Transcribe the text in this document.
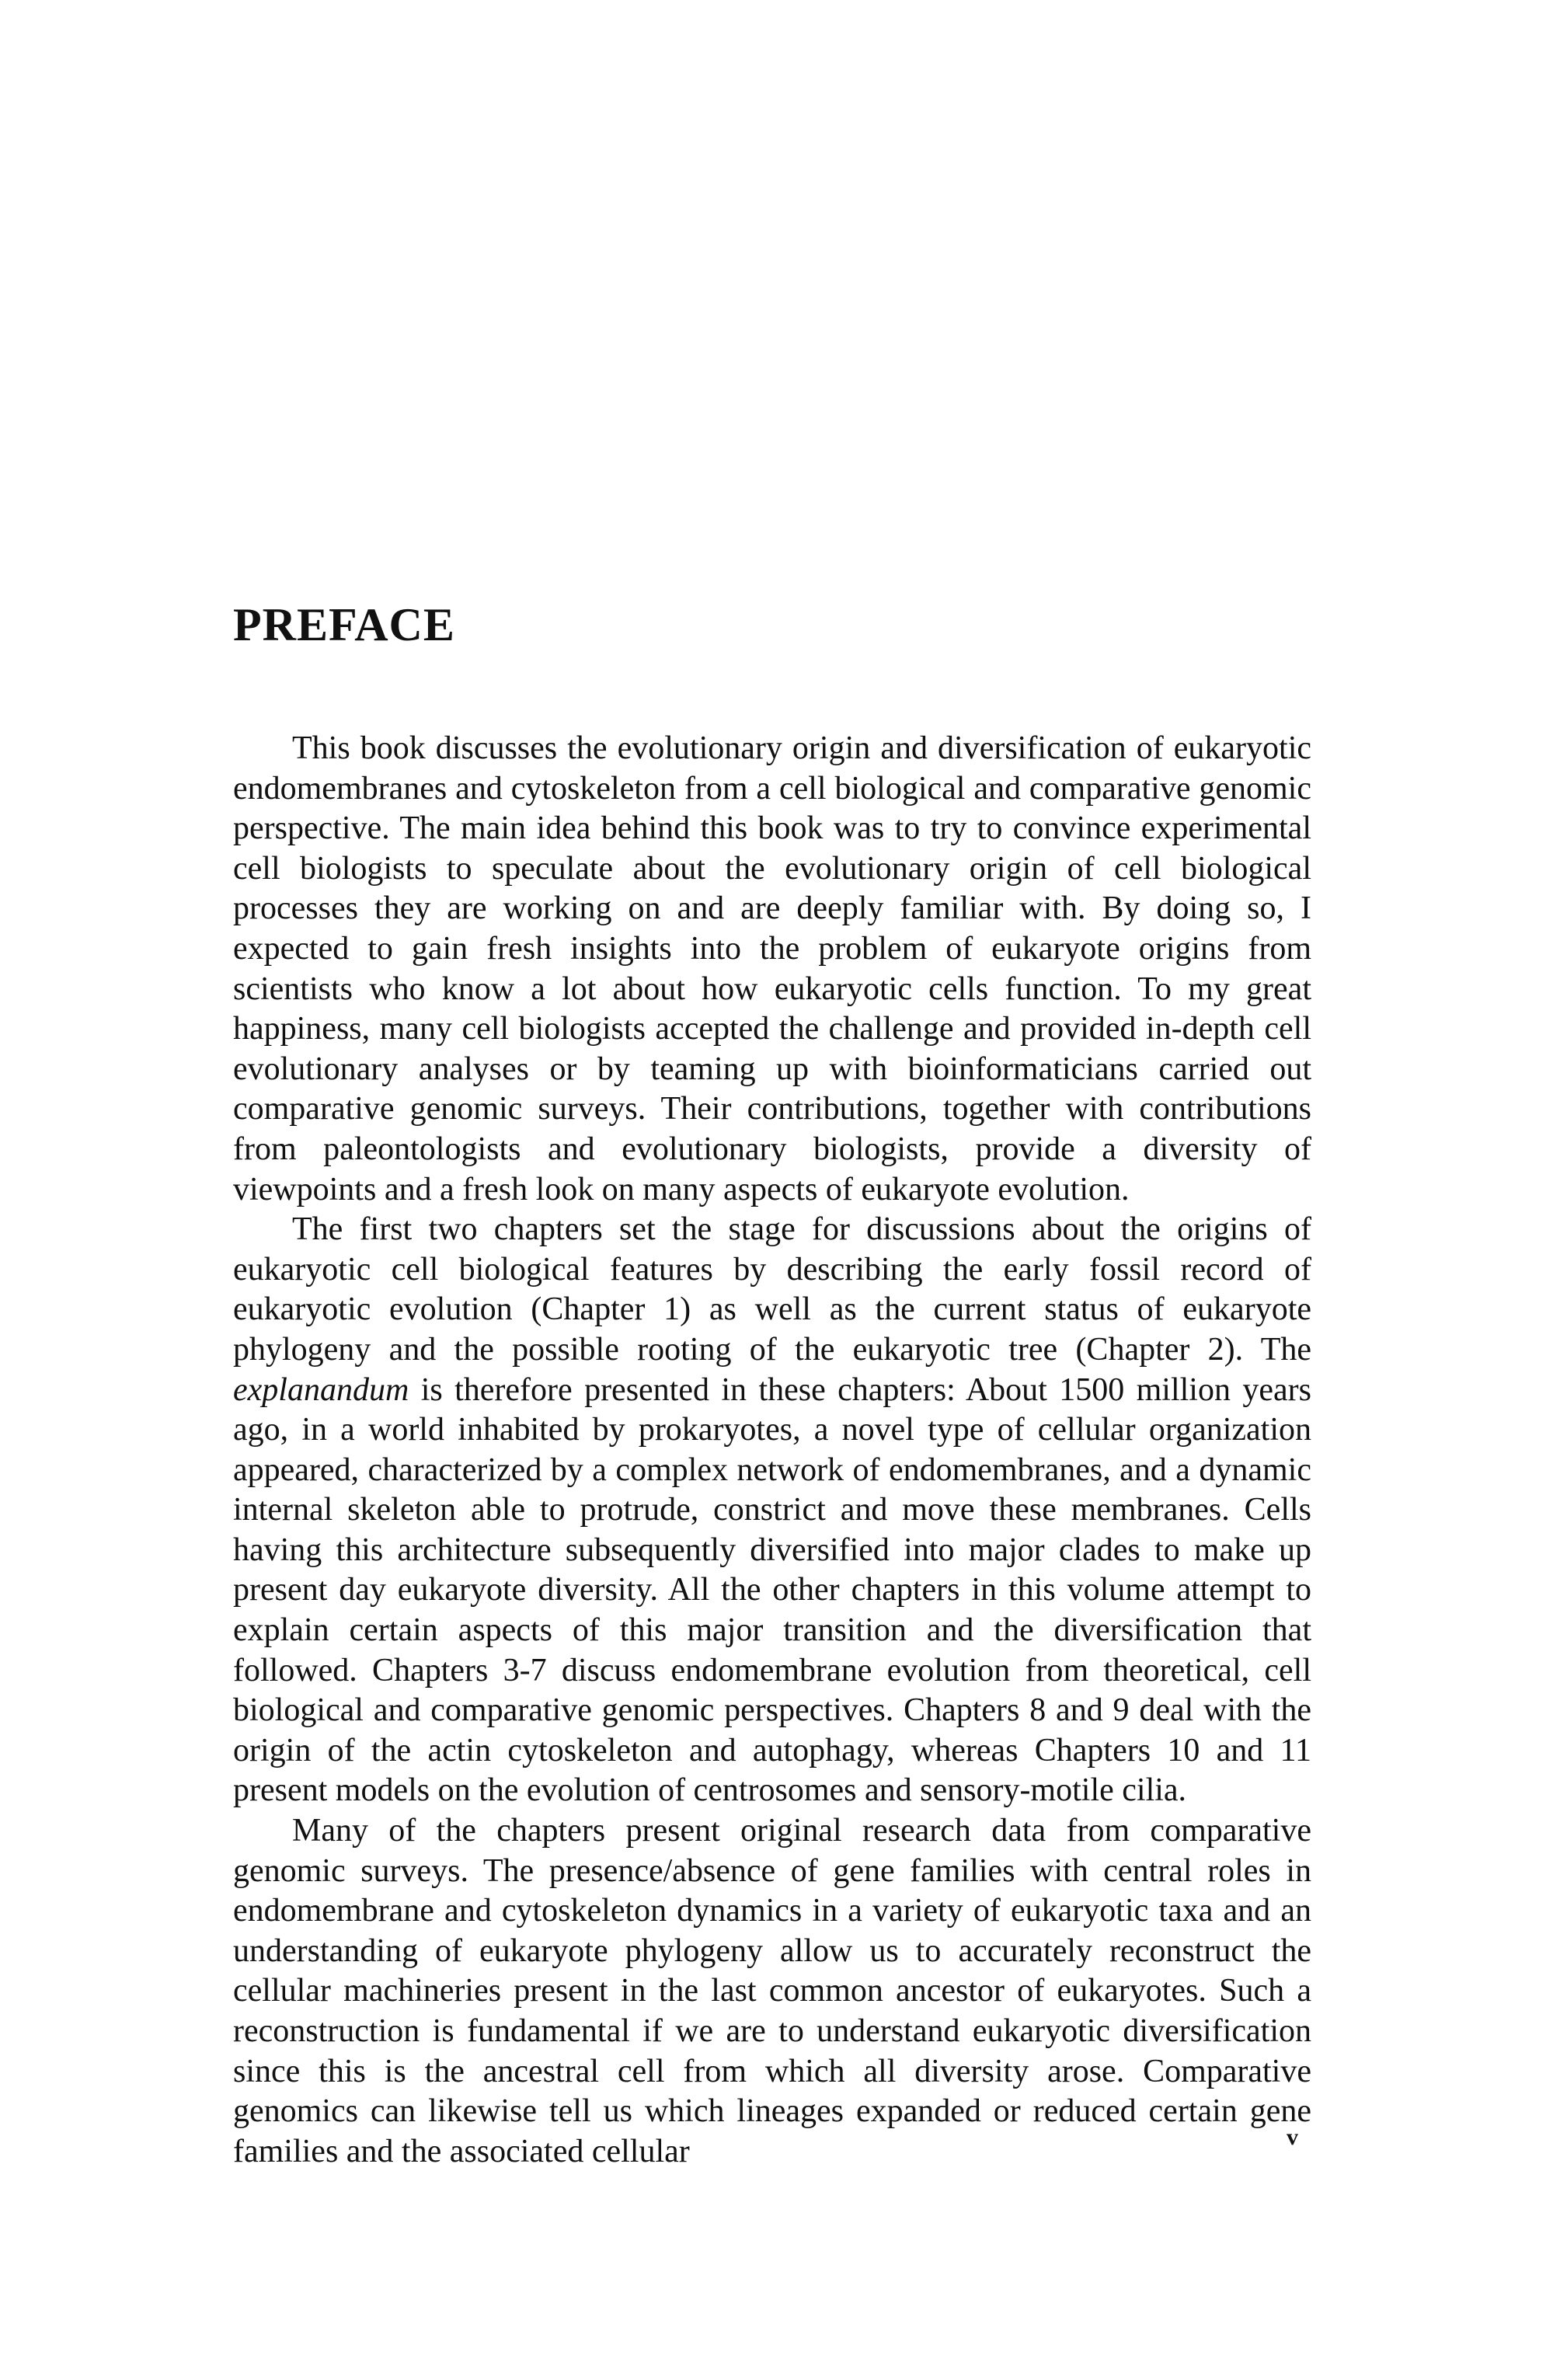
PREFACE

This book discusses the evolutionary origin and diversification of eukaryotic endomembranes and cytoskeleton from a cell biological and comparative genomic perspective. The main idea behind this book was to try to convince experimental cell biologists to speculate about the evolutionary origin of cell biological processes they are working on and are deeply familiar with. By doing so, I expected to gain fresh insights into the problem of eukaryote origins from scientists who know a lot about how eukaryotic cells function. To my great happiness, many cell biologists accepted the challenge and provided in-depth cell evolutionary analyses or by teaming up with bioinformaticians carried out comparative genomic surveys. Their contributions, together with contributions from paleontologists and evolutionary biologists, provide a diversity of viewpoints and a fresh look on many aspects of eukaryote evolution.

The first two chapters set the stage for discussions about the origins of eukaryotic cell biological features by describing the early fossil record of eukaryotic evolution (Chapter 1) as well as the current status of eukaryote phylogeny and the possible rooting of the eukaryotic tree (Chapter 2). The explanandum is therefore presented in these chapters: About 1500 million years ago, in a world inhabited by prokaryotes, a novel type of cellular organization appeared, characterized by a complex network of endomembranes, and a dynamic internal skeleton able to protrude, constrict and move these membranes. Cells having this architecture subsequently diversified into major clades to make up present day eukaryote diversity. All the other chapters in this volume attempt to explain certain aspects of this major transition and the diversification that followed. Chapters 3-7 discuss endomembrane evolution from theoretical, cell biological and comparative genomic perspectives. Chapters 8 and 9 deal with the origin of the actin cytoskeleton and autophagy, whereas Chapters 10 and 11 present models on the evolution of centrosomes and sensory-motile cilia.

Many of the chapters present original research data from comparative genomic surveys. The presence/absence of gene families with central roles in endomembrane and cytoskeleton dynamics in a variety of eukaryotic taxa and an understanding of eukaryote phylogeny allow us to accurately reconstruct the cellular machineries present in the last common ancestor of eukaryotes. Such a reconstruction is fundamental if we are to understand eukaryotic diversification since this is the ancestral cell from which all diversity arose. Comparative genomics can likewise tell us which lineages expanded or reduced certain gene families and the associated cellular	v
